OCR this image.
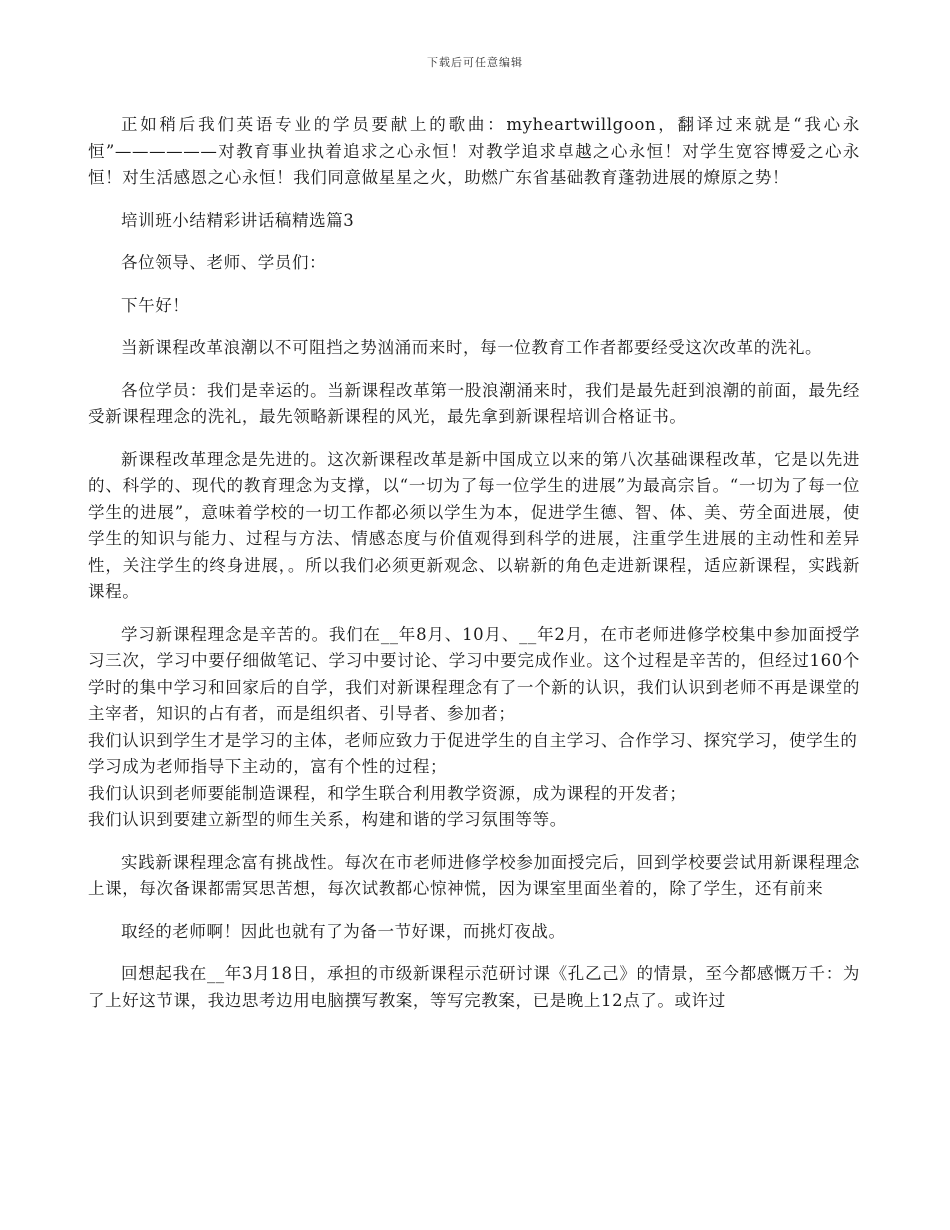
下载后可任意编辑

正如稍后我们英语专业的学员要献上的歌曲：myheartwillgoon，翻译过来就是“我心永恒”——————对教育事业执着追求之心永恒！对教学追求卓越之心永恒！对学生宽容博爱之心永恒！对生活感恩之心永恒！我们同意做星星之火，助燃广东省基础教育蓬勃进展的燎原之势！

培训班小结精彩讲话稿精选篇3

各位领导、老师、学员们：

下午好！

当新课程改革浪潮以不可阻挡之势汹涌而来时，每一位教育工作者都要经受这次改革的洗礼。

各位学员：我们是幸运的。当新课程改革第一股浪潮涌来时，我们是最先赶到浪潮的前面，最先经受新课程理念的洗礼，最先领略新课程的风光，最先拿到新课程培训合格证书。

新课程改革理念是先进的。这次新课程改革是新中国成立以来的第八次基础课程改革，它是以先进的、科学的、现代的教育理念为支撑，以“一切为了每一位学生的进展”为最高宗旨。“一切为了每一位学生的进展”，意味着学校的一切工作都必须以学生为本，促进学生德、智、体、美、劳全面进展，使学生的知识与能力、过程与方法、情感态度与价值观得到科学的进展，注重学生进展的主动性和差异性，关注学生的终身进展，。所以我们必须更新观念、以崭新的角色走进新课程，适应新课程，实践新课程。

学习新课程理念是辛苦的。我们在__年8月、10月、__年2月，在市老师进修学校集中参加面授学习三次，学习中要仔细做笔记、学习中要讨论、学习中要完成作业。这个过程是辛苦的，但经过160个学时的集中学习和回家后的自学，我们对新课程理念有了一个新的认识，我们认识到老师不再是课堂的主宰者，知识的占有者，而是组织者、引导者、参加者；

我们认识到学生才是学习的主体，老师应致力于促进学生的自主学习、合作学习、探究学习，使学生的学习成为老师指导下主动的，富有个性的过程；

我们认识到老师要能制造课程，和学生联合利用教学资源，成为课程的开发者；

我们认识到要建立新型的师生关系，构建和谐的学习氛围等等。

实践新课程理念富有挑战性。每次在市老师进修学校参加面授完后，回到学校要尝试用新课程理念上课，每次备课都需冥思苦想，每次试教都心惊神慌，因为课室里面坐着的，除了学生，还有前来

取经的老师啊！因此也就有了为备一节好课，而挑灯夜战。

回想起我在__年3月18日，承担的市级新课程示范研讨课《孔乙己》的情景，至今都感慨万千：为了上好这节课，我边思考边用电脑撰写教案，等写完教案，已是晚上12点了。或许过
